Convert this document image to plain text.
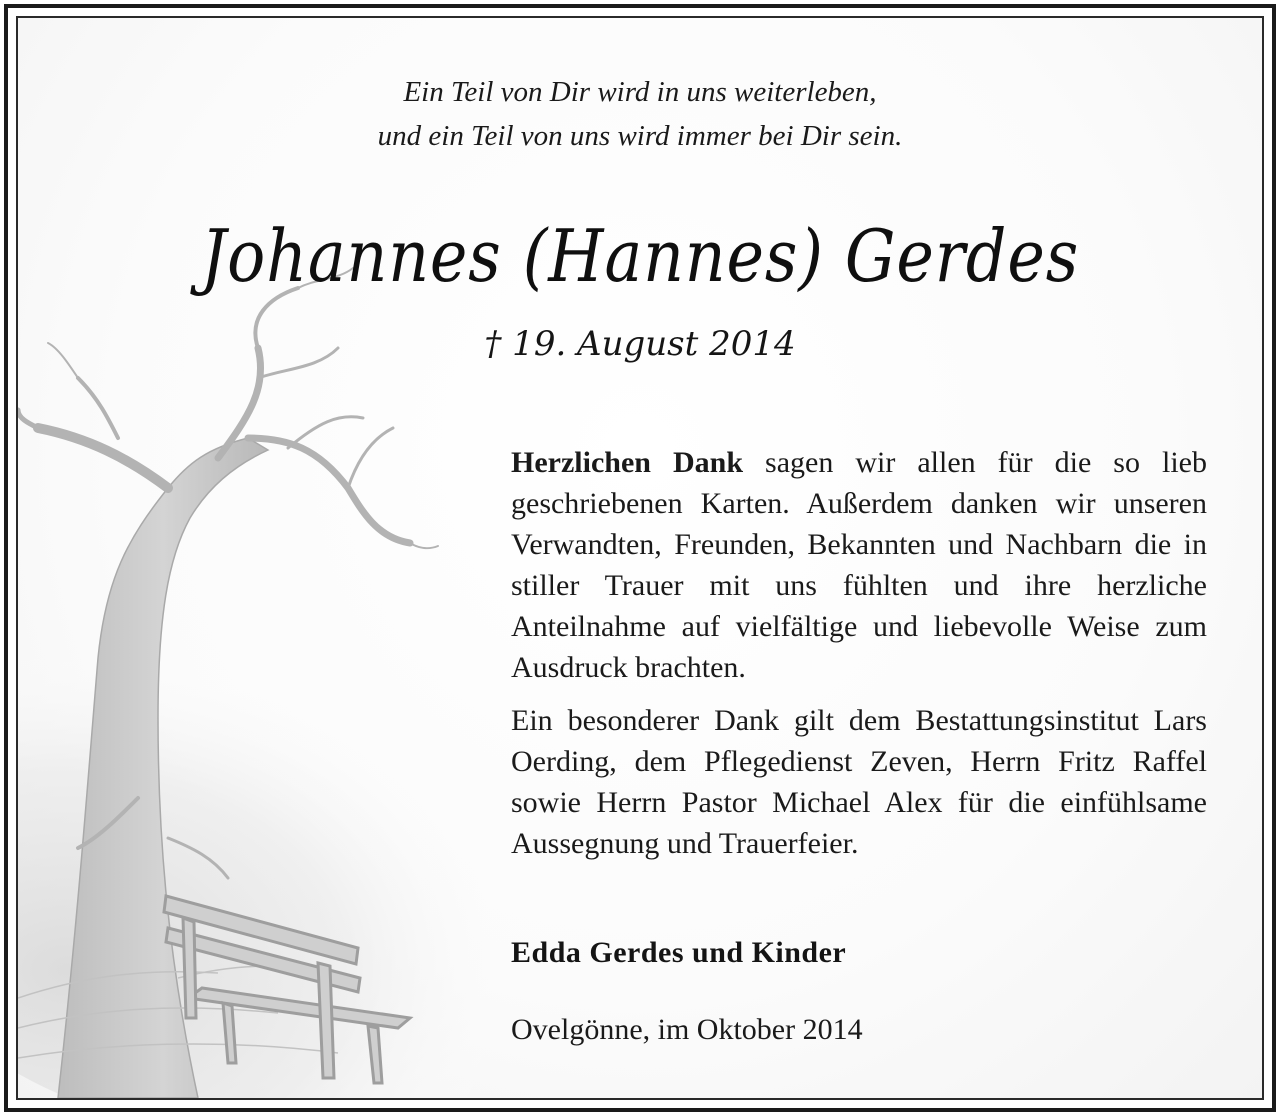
Ein Teil von Dir wird in uns weiterleben,
und ein Teil von uns wird immer bei Dir sein.
Johannes (Hannes) Gerdes
† 19. August 2014

Herzlichen Dank sagen wir allen für die so lieb geschriebenen Karten. Außerdem danken wir unseren Verwandten, Freunden, Bekannten und Nachbarn die in stiller Trauer mit uns fühlten und ihre herzliche Anteilnahme auf vielfältige und liebevolle Weise zum Ausdruck brachten.

Ein besonderer Dank gilt dem Bestattungsinstitut Lars Oerding, dem Pflegedienst Zeven, Herrn Fritz Raffel sowie Herrn Pastor Michael Alex für die einfühlsame Aussegnung und Trauerfeier.

Edda Gerdes und Kinder
Ovelgönne, im Oktober 2014
